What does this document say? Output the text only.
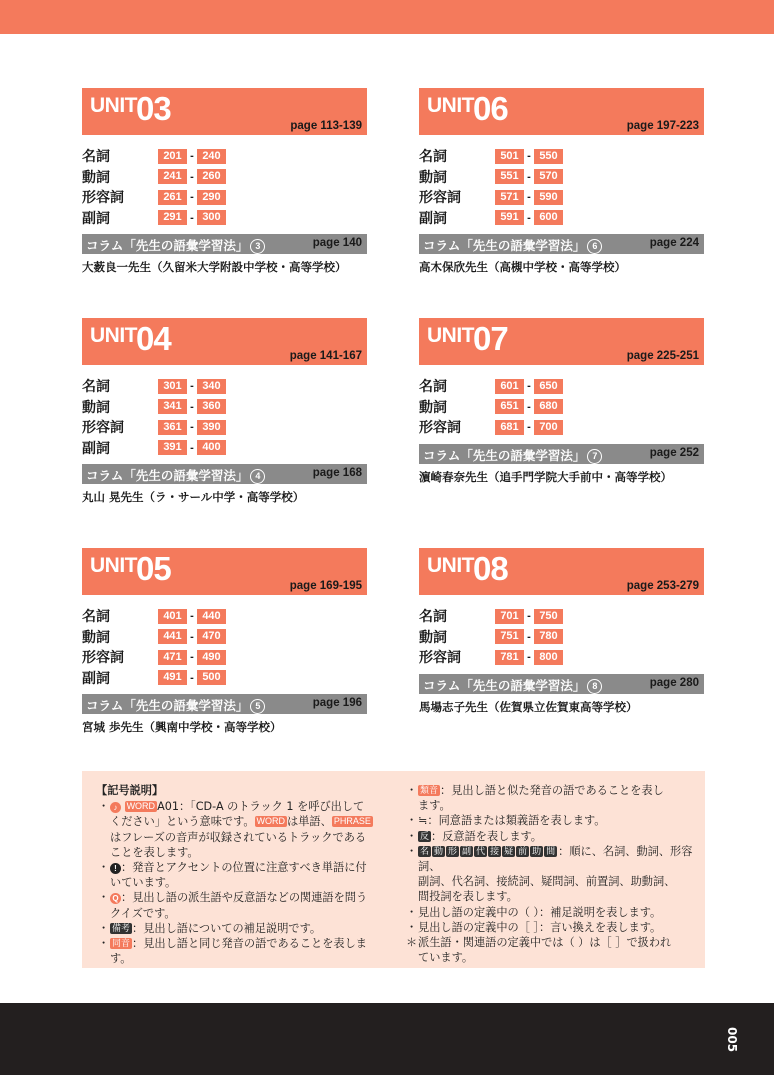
UNIT 03	page 113-139
名詞	201 - 240
動詞	241 - 260
形容詞	261 - 290
副詞	291 - 300
コラム「先生の語彙学習法」 3	page 140
大薮良一先生（久留米大学附設中学校・高等学校）
UNIT 06	page 197-223
名詞	501 - 550
動詞	551 - 570
形容詞	571 - 590
副詞	591 - 600
コラム「先生の語彙学習法」 6	page 224
高木保欣先生（高槻中学校・高等学校）
UNIT 04	page 141-167
名詞	301 - 340
動詞	341 - 360
形容詞	361 - 390
副詞	391 - 400
コラム「先生の語彙学習法」 4	page 168
丸山 晃先生（ラ・サール中学・高等学校）
UNIT 07	page 225-251
名詞	601 - 650
動詞	651 - 680
形容詞	681 - 700
コラム「先生の語彙学習法」 7	page 252
濵崎春奈先生（追手門学院大手前中・高等学校）
UNIT 05	page 169-195
名詞	401 - 440
動詞	441 - 470
形容詞	471 - 490
副詞	491 - 500
コラム「先生の語彙学習法」 5	page 196
宮城 歩先生（興南中学校・高等学校）
UNIT 08	page 253-279
名詞	701 - 750
動詞	751 - 780
形容詞	781 - 800
コラム「先生の語彙学習法」 8	page 280
馬場志子先生（佐賀県立佐賀東高等学校）
【記号説明】
・ ♪ WORD A01：「CD-A のトラック 1 を呼び出して
ください」という意味です。 WORD は単語、 PHRASE
はフレーズの音声が収録されているトラックである
ことを表します。
・ ! ：発音とアクセントの位置に注意すべき単語に付
いています。
・ Q ：見出し語の派生語や反意語などの関連語を問う
クイズです。
・ 備考 ：見出し語についての補足説明です。
・ 同音 ：見出し語と同じ発音の語であることを表します。
・ 類音 ：見出し語と似た発音の語であることを表し
ます。
・ ≒：同意語または類義語を表します。
・ 反 ：反意語を表します。
・ 名 動 形 副 代 接 疑 前 助 間 ：順に、名詞、動詞、形容詞、
副詞、代名詞、接続詞、疑問詞、前置詞、助動詞、
間投詞を表します。
・ 見出し語の定義中の（ ）：補足説明を表します。
・ 見出し語の定義中の［ ］：言い換えを表します。
＊ 派生語・関連語の定義中では（ ）は［ ］で扱われ
ています。
005
